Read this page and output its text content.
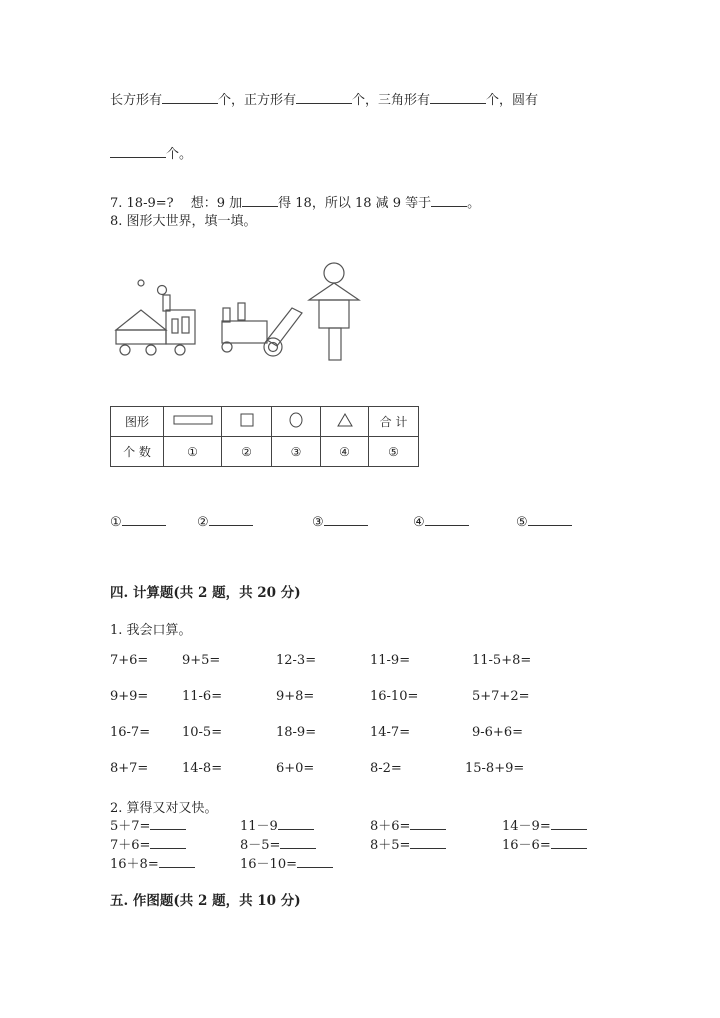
长方形有	个，正方形有	个，三角形有	个，圆有
个。
7. 18-9=?　 想：9 加	得 18，所以 18 减 9 等于	。
8. 图形大世界，填一填。
图形					合 计
个 数	①	②	③	④	⑤
①	②	③	④	⑤
四. 计算题(共 2 题，共 20 分)
1. 我会口算。
7+6=	9+5=	12-3=	11-9=	11-5+8=
9+9=	11-6=	9+8=	16-10=	5+7+2=
16-7= 10-5=	18-9=	14-7=	9-6+6=
8+7=	14-8=	6+0=	8-2=	15-8+9=
2. 算得又对又快。
5＋7=	11－9	8＋6=	14－9=
7＋6=	8－5=	8＋5=	16－6=
16＋8=	16－10=
五. 作图题(共 2 题，共 10 分)
